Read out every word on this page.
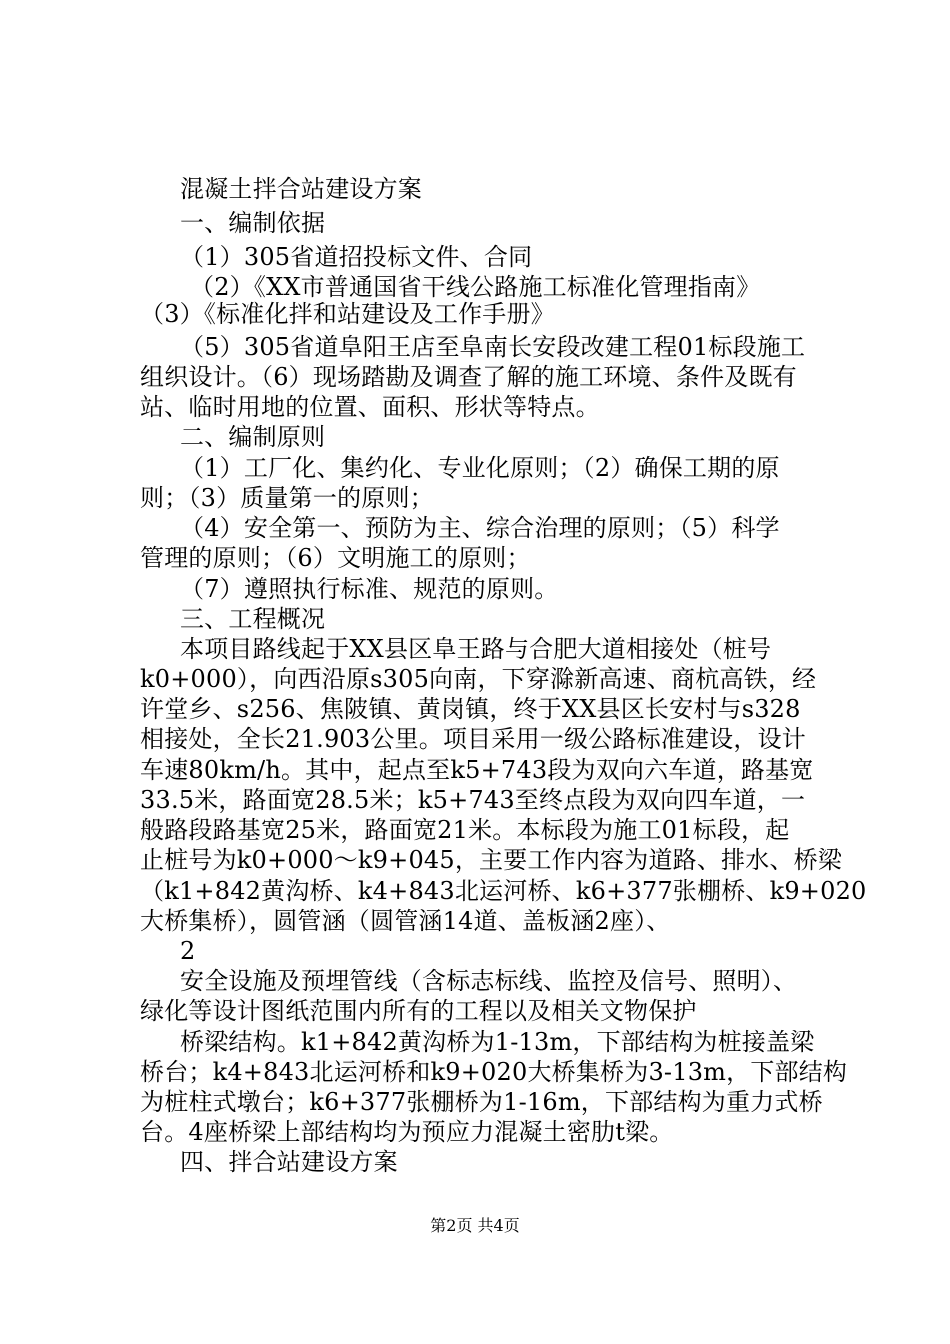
混凝土拌合站建设方案
一、编制依据
（1）305省道招投标文件、合同
（2）《XX市普通国省干线公路施工标准化管理指南》
（3）《标准化拌和站建设及工作手册》
（5）305省道阜阳王店至阜南长安段改建工程01标段施工
组织设计。（6）现场踏勘及调查了解的施工环境、条件及既有
站、临时用地的位置、面积、形状等特点。
二、编制原则
（1）工厂化、集约化、专业化原则；（2）确保工期的原
则；（3）质量第一的原则；
（4）安全第一、预防为主、综合治理的原则；（5）科学
管理的原则；（6）文明施工的原则；
（7）遵照执行标准、规范的原则。
三、工程概况
本项目路线起于XX县区阜王路与合肥大道相接处（桩号
k0+000），向西沿原s305向南，下穿滁新高速、商杭高铁，经
许堂乡、s256、焦陂镇、黄岗镇，终于XX县区长安村与s328
相接处，全长21.903公里。项目采用一级公路标准建设，设计
车速80km/h。其中，起点至k5+743段为双向六车道，路基宽
33.5米，路面宽28.5米；k5+743至终点段为双向四车道，一
般路段路基宽25米，路面宽21米。本标段为施工01标段，起
止桩号为k0+000～k9+045，主要工作内容为道路、排水、桥梁
（k1+842黄沟桥、k4+843北运河桥、k6+377张棚桥、k9+020
大桥集桥），圆管涵（圆管涵14道、盖板涵2座）、
2
安全设施及预埋管线（含标志标线、监控及信号、照明）、
绿化等设计图纸范围内所有的工程以及相关文物保护
桥梁结构。k1+842黄沟桥为1-13m，下部结构为桩接盖梁
桥台；k4+843北运河桥和k9+020大桥集桥为3-13m，下部结构
为桩柱式墩台；k6+377张棚桥为1-16m，下部结构为重力式桥
台。4座桥梁上部结构均为预应力混凝土密肋t梁。
四、拌合站建设方案
第2页 共4页
